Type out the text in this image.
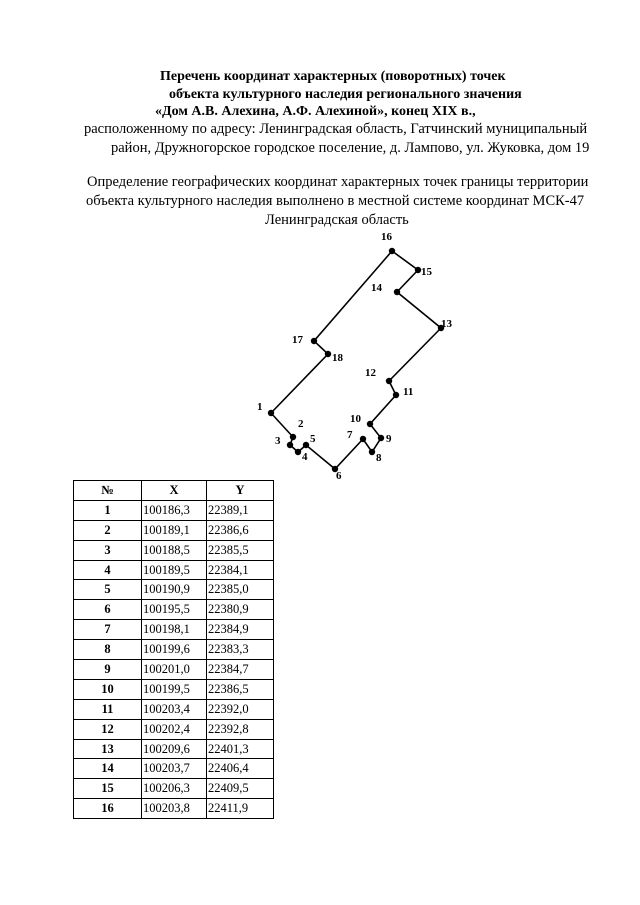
Перечень координат характерных (поворотных) точек
объекта культурного наследия регионального значения
«Дом А.В. Алехина, А.Ф. Алехиной», конец XIX в.,
расположенному по адресу: Ленинградская область, Гатчинский муниципальный
район, Дружногорское городское поселение, д. Лампово, ул. Жуковка, дом 19
Определение географических координат характерных точек границы территории
объекта культурного наследия выполнено в местной системе координат МСК-47
Ленинградская область
1
2
3
4
5
6
7
8
9
10
11
12
13
14
15
16
17
18
№	X	Y
1	100186,3	22389,1
2	100189,1	22386,6
3	100188,5	22385,5
4	100189,5	22384,1
5	100190,9	22385,0
6	100195,5	22380,9
7	100198,1	22384,9
8	100199,6	22383,3
9	100201,0	22384,7
10	100199,5	22386,5
11	100203,4	22392,0
12	100202,4	22392,8
13	100209,6	22401,3
14	100203,7	22406,4
15	100206,3	22409,5
16	100203,8	22411,9
